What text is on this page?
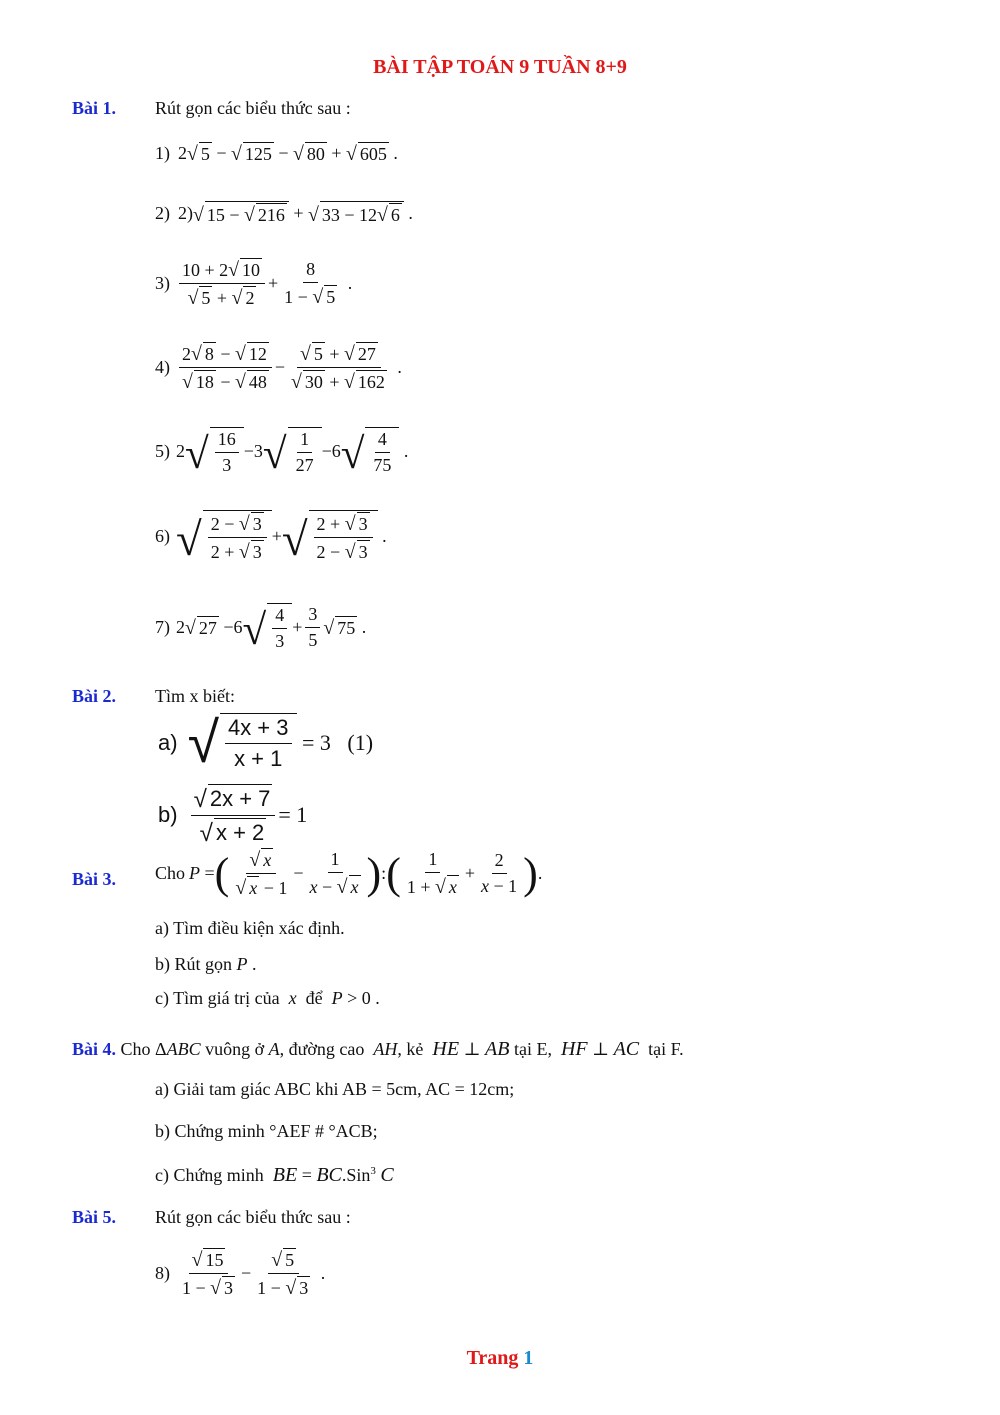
BÀI TẬP TOÁN 9 TUẦN 8+9
Bài 1. Rút gọn các biểu thức sau :
1) 2 √ 5 − √ 125 − √ 80 + √ 605 .
2) 2) √ 15 − √ 216 + √ 33 − 12 √ 6 .
$3) \frac{10 + 2 √ 10}{√ 5 + √ 2} + \frac{8}{1 - √ 5}$ .
$4) \frac{2 √ 8 - √ 12}{√ 18 - √ 48} - \frac{√ 5 + √ 27}{√ 30 + √ 162}$ .
5) 2 √ $\frac{16}{3} -3$ √ $\frac{1}{27} -6$ √ $\frac{4}{75}$ .
6) √ $\frac{2 - √ 3}{2 + √ 3}$ + √ $\frac{2 + √ 3}{2 - √ 3}$ .
7) 2 √ 27 −6 √ $\frac{4}{3} + \frac{3}{5}$ √ 75 .
Bài 2. Tìm x biết:
a) √ $\frac{4x + 3}{x + 1} = 3$ (1)
$b) \frac{√ 2x + 7}{√ x + 2} = 1$
Bài 3. Cho P = ( $\frac{√ x}{√ x - 1} - \frac{1}{x - √ x}$ ) : ( $\frac{1}{1 + √ x} + \frac{2}{x - 1}$ ) .
a) Tìm điều kiện xác định.
b) Rút gọn P .
c) Tìm giá trị của x để P > 0 .
Bài 4. Cho ΔABC vuông ở A, đường cao AH, kẻ HE ⊥ AB tại E, HF ⊥ AC tại F.
a) Giải tam giác ABC khi AB = 5cm, AC = 12cm;
b) Chứng minh °AEF # °ACB;
c) Chứng minh BE = BC.Sin$^3$ C
Bài 5. Rút gọn các biểu thức sau :
$8) \frac{√ 15}{1 - √ 3} - \frac{√ 5}{1 - √ 3}$ .
Trang 1
